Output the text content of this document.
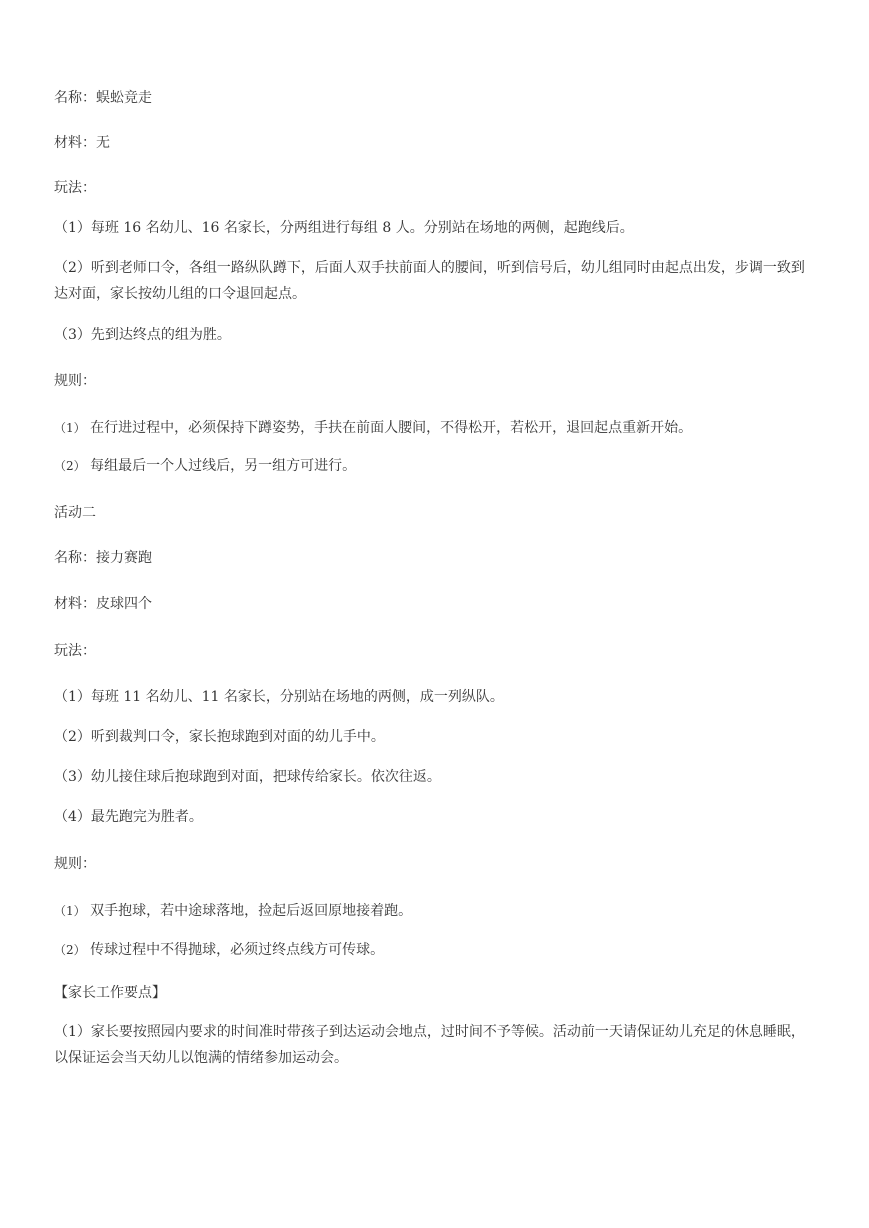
名称：蜈蚣竞走
材料：无
玩法：
（1）每班 16 名幼儿、16 名家长，分两组进行每组 8 人。分别站在场地的两侧，起跑线后。
（2）听到老师口令，各组一路纵队蹲下，后面人双手扶前面人的腰间，听到信号后，幼儿组同时由起点出发，步调一致到达对面，家长按幼儿组的口令退回起点。
（3）先到达终点的组为胜。
规则：
（1） 在行进过程中，必须保持下蹲姿势，手扶在前面人腰间，不得松开，若松开，退回起点重新开始。
（2） 每组最后一个人过线后，另一组方可进行。
活动二
名称：接力赛跑
材料：皮球四个
玩法：
（1）每班 11 名幼儿、11 名家长，分别站在场地的两侧，成一列纵队。
（2）听到裁判口令，家长抱球跑到对面的幼儿手中。
（3）幼儿接住球后抱球跑到对面，把球传给家长。依次往返。
（4）最先跑完为胜者。
规则：
（1） 双手抱球，若中途球落地，捡起后返回原地接着跑。
（2） 传球过程中不得抛球，必须过终点线方可传球。
【家长工作要点】
（1）家长要按照园内要求的时间准时带孩子到达运动会地点，过时间不予等候。活动前一天请保证幼儿充足的休息睡眠，以保证运会当天幼儿以饱满的情绪参加运动会。
